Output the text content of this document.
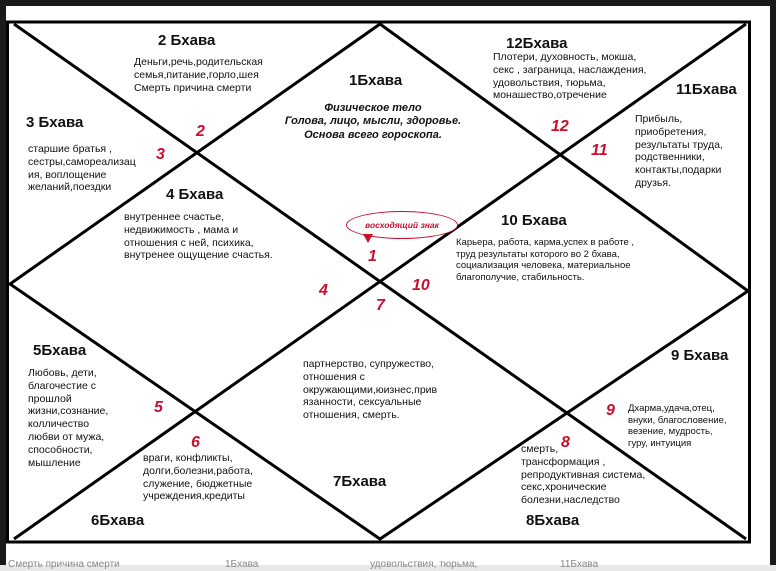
1Бхава
Физическое тело
Голова, лицо, мысли, здоровье.
Основа всего гороскопа.
1
2 Бхава
Деньги,речь,родительская
семья,питание,горло,шея
Смерть причина смерти
2
3 Бхава
старшие братья ,
сестры,самореализац
ия, воплощение
желаний,поездки
3
4 Бхава
внутреннее счастье,
недвижимость , мама и
отношения с ней, психика,
внутренее ощущение счастья.
4
5Бхава
Любовь, дети,
благочестие с
прошлой
жизни,сознание,
колличество
любви от мужа,
способности,
мышление
5
6Бхава
враги, конфликты,
долги,болезни,работа,
служение, бюджетные
учреждения,кредиты
6
7Бхава
партнерство, супружество,
отношения с
окружающими,юизнес,прив
язанности, сексуальные
отношения, смерть.
7
8Бхава
смерть,
трансформация ,
репродуктивная система,
секс,хронические
болезни,наследство
8
9 Бхава
Дхарма,удача,отец,
внуки, благословение,
везение, мудрость,
гуру, интуиция
9
10 Бхава
Карьера, работа, карма,успех в работе ,
труд результаты которого во 2 бхава,
социализация человека, материальное
благополучие, стабильность.
10
11Бхава
Прибыль,
приобретения,
результаты труда,
родственники,
контакты,подарки
друзья.
11
12Бхава
Плотери, духовность, мокша,
секс , заграница, наслаждения,
удовольствия, тюрьма,
монашество,отречение
12
восходящий знак
Смерть причина смерти	1Бхава	удовольствия, тюрьма,	11Бхава
